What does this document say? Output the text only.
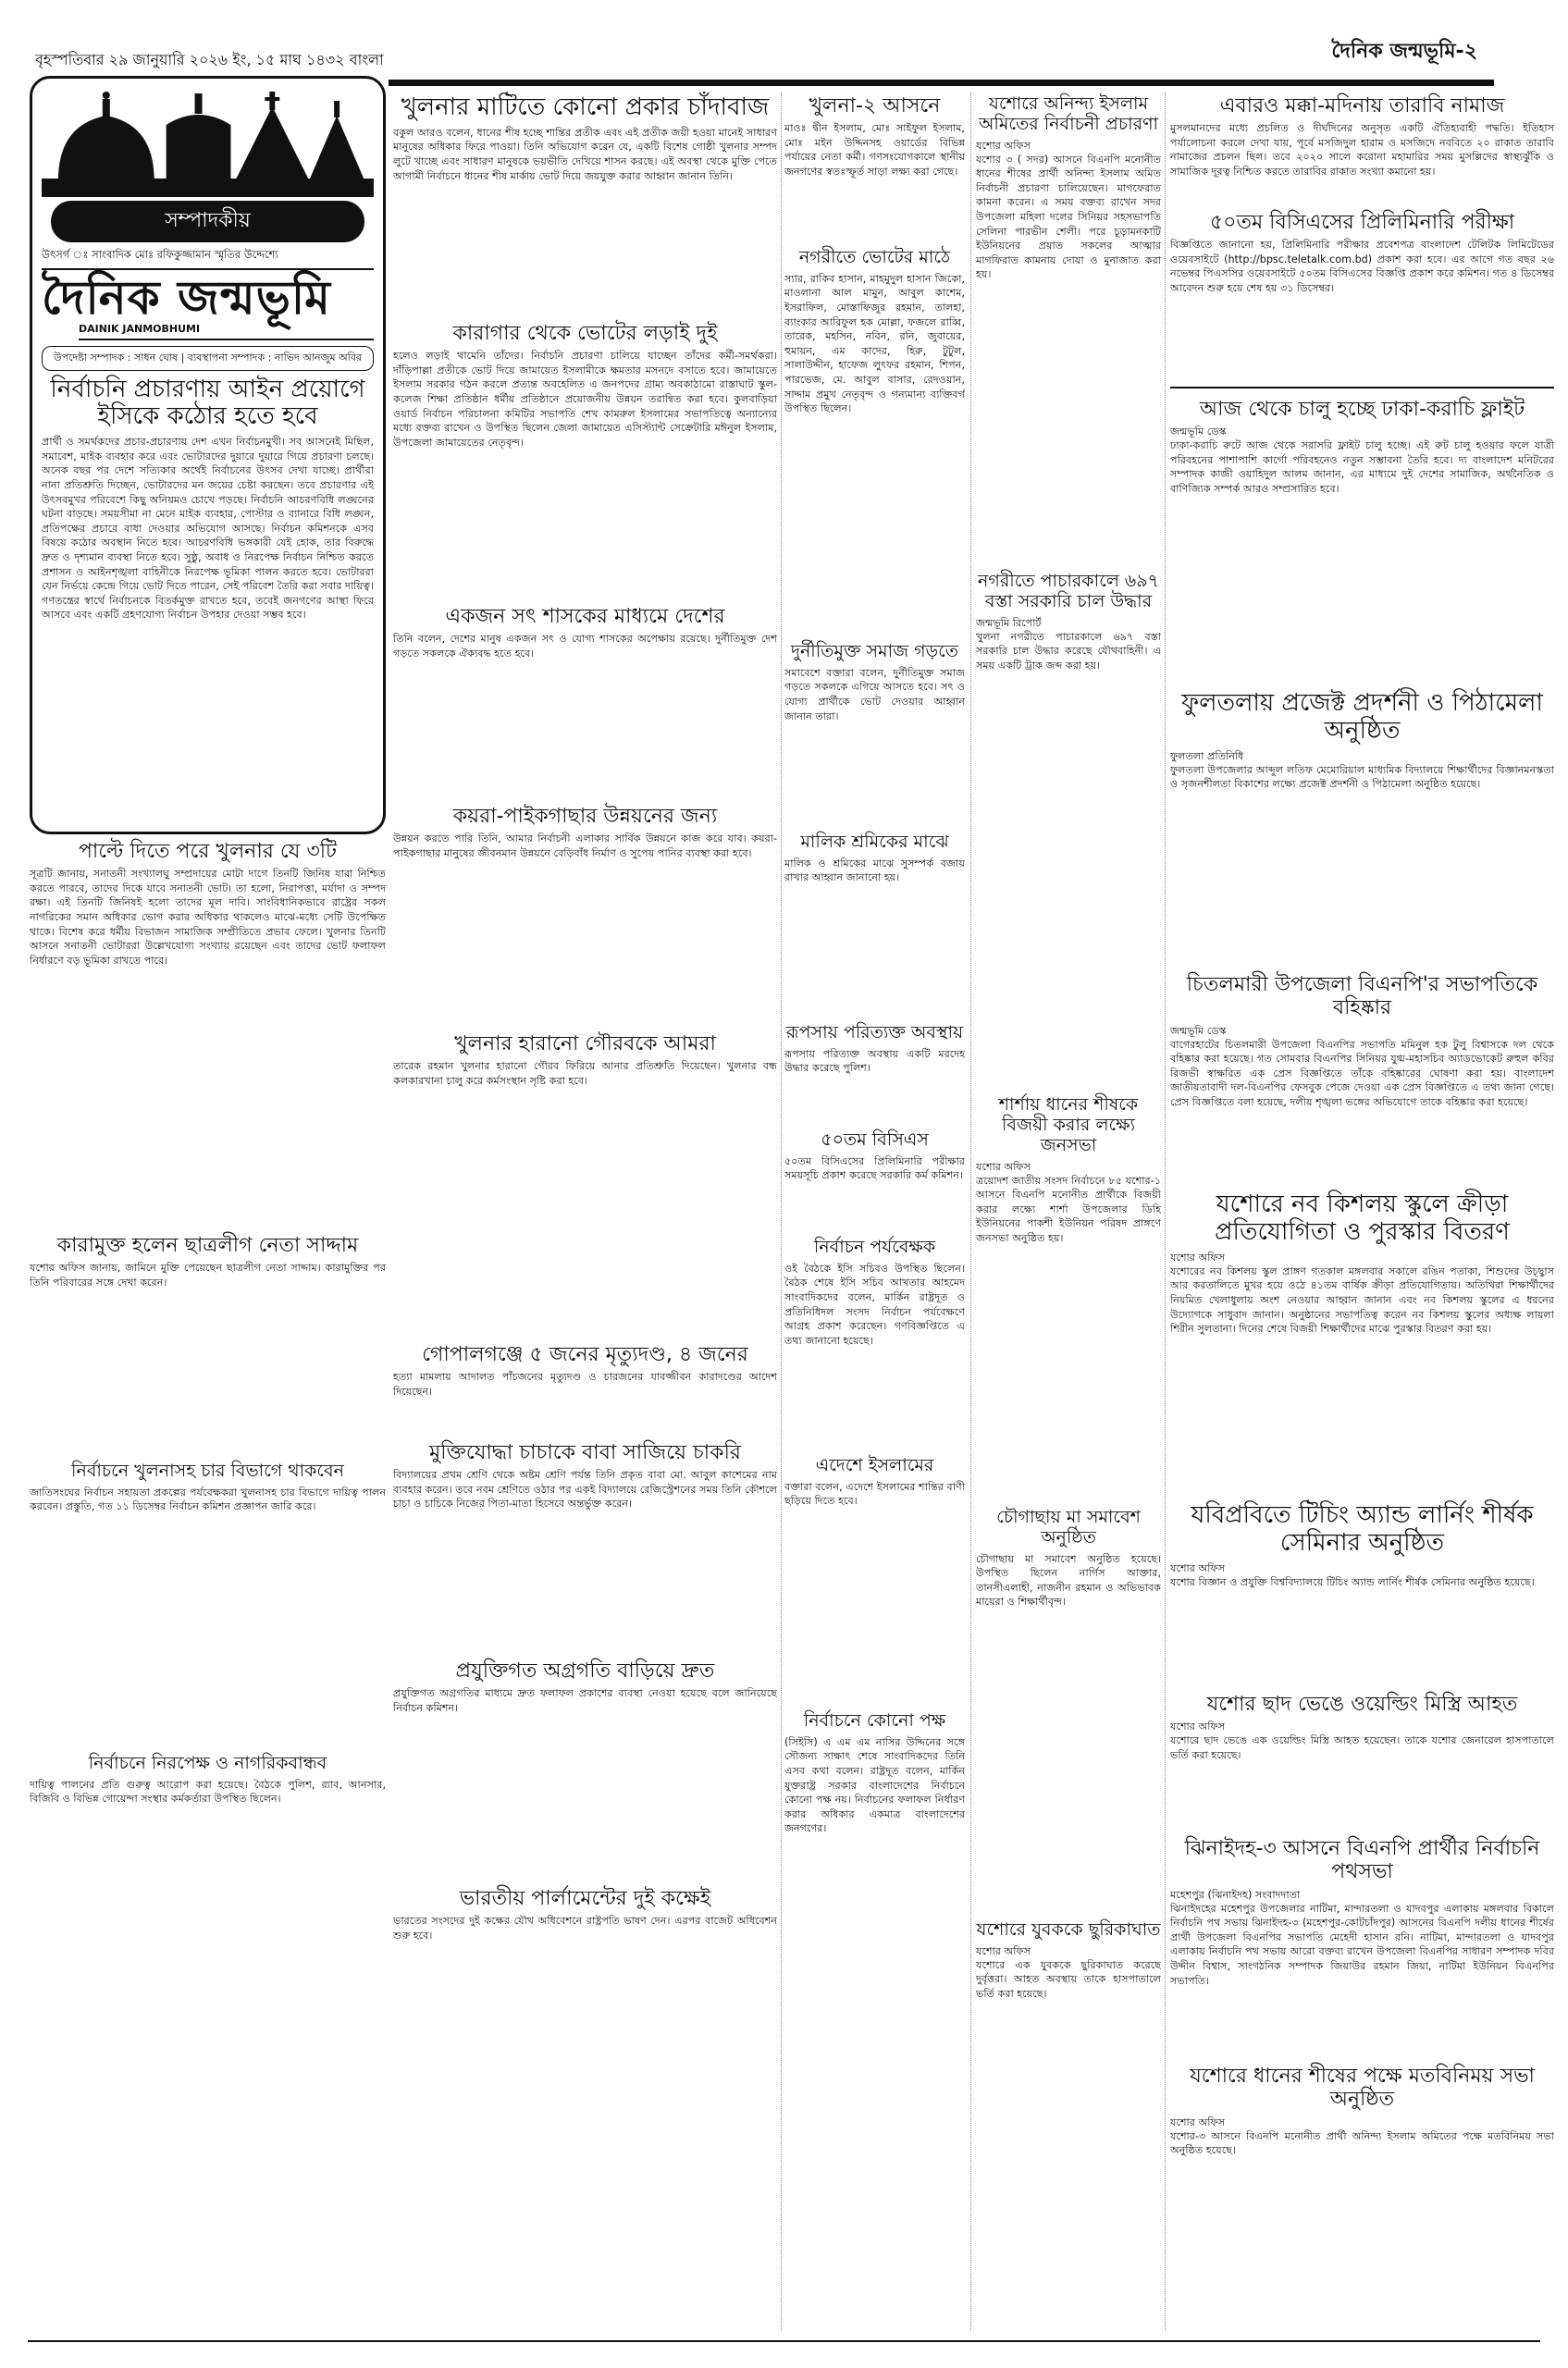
বৃহস্পতিবার ২৯ জানুয়ারি ২০২৬ ইং, ১৫ মাঘ ১৪৩২ বাংলা	দৈনিক জন্মভূমি-২
সম্পাদকীয়
উৎসর্গ ঃ সাংবাদিক মোঃ রফিকুজ্জামান স্মৃতির উদ্দেশ্যে
দৈনিক জন্মভূমি
DAINIK JANMOBHUMI
উপদেষ্টা সম্পাদক : সাধন ঘোষ | ব্যবস্থাপনা সম্পাদক : নাভিদ আনজুম অবির
নির্বাচনি প্রচারণায় আইন প্রয়োগে ইসিকে কঠোর হতে হবে

প্রার্থী ও সমর্থকদের প্রচার-প্রচারণায় দেশ এখন নির্বাচনমুখী। সব আসনেই মিছিল, সমাবেশ, মাইক ব্যবহার করে এবং ভোটারদের দুয়ারে দুয়ারে গিয়ে প্রচারণা চলছে। অনেক বছর পর দেশে সত্যিকার অর্থেই নির্বাচনের উৎসব দেখা যাচ্ছে। প্রার্থীরা নানা প্রতিশ্রুতি দিচ্ছেন, ভোটারদের মন জয়ের চেষ্টা করছেন। তবে প্রচারণার এই উৎসবমুখর পরিবেশে কিছু অনিয়মও চোখে পড়ছে। নির্বাচনি আচরণবিধি লঙ্ঘনের ঘটনা বাড়ছে। সময়সীমা না মেনে মাইক ব্যবহার, পোস্টার ও ব্যানারে বিধি লঙ্ঘন, প্রতিপক্ষের প্রচারে বাধা দেওয়ার অভিযোগ আসছে। নির্বাচন কমিশনকে এসব বিষয়ে কঠোর অবস্থান নিতে হবে। আচরণবিধি ভঙ্গকারী যেই হোক, তার বিরুদ্ধে দ্রুত ও দৃশ্যমান ব্যবস্থা নিতে হবে। সুষ্ঠু, অবাধ ও নিরপেক্ষ নির্বাচন নিশ্চিত করতে প্রশাসন ও আইনশৃঙ্খলা বাহিনীকে নিরপেক্ষ ভূমিকা পালন করতে হবে। ভোটাররা যেন নির্ভয়ে কেন্দ্রে গিয়ে ভোট দিতে পারেন, সেই পরিবেশ তৈরি করা সবার দায়িত্ব। গণতন্ত্রের স্বার্থে নির্বাচনকে বিতর্কমুক্ত রাখতে হবে, তবেই জনগণের আস্থা ফিরে আসবে এবং একটি গ্রহণযোগ্য নির্বাচন উপহার দেওয়া সম্ভব হবে।

পাল্টে দিতে পরে খুলনার যে ৩টি

সূত্রটি জানায়, সনাতনী সংখ্যালঘু সম্প্রদায়ের মোটা দাগে তিনটি জিনিষ যারা নিশ্চিত করতে পারবে, তাদের দিকে যাবে সনাতনী ভোট। তা হলো, নিরাপত্তা, মর্যাদা ও সম্পদ রক্ষা। এই তিনটি জিনিষই হলো তাদের মূল দাবি। সাংবিধানিকভাবে রাষ্ট্রের সকল নাগরিকের সমান অধিকার ভোগ করার অধিকার থাকলেও মাঝে-মধ্যে সেটি উপেক্ষিত থাকে। বিশেষ করে ধর্মীয় বিভাজন সামাজিক সম্প্রীতিতে প্রভাব ফেলে। খুলনার তিনটি আসনে সনাতনী ভোটাররা উল্লেখযোগ্য সংখ্যায় রয়েছেন এবং তাদের ভোট ফলাফল নির্ধারণে বড় ভূমিকা রাখতে পারে।

কারামুক্ত হলেন ছাত্রলীগ নেতা সাদ্দাম

যশোর অফিস জানায়, জামিনে মুক্তি পেয়েছেন ছাত্রলীগ নেতা সাদ্দাম। কারামুক্তির পর তিনি পরিবারের সঙ্গে দেখা করেন।

নির্বাচনে খুলনাসহ চার বিভাগে থাকবেন

জাতিসংঘের নির্বাচন সহায়তা প্রকল্পের পর্যবেক্ষকরা খুলনাসহ চার বিভাগে দায়িত্ব পালন করবেন। প্রস্তুতি, গত ১১ ডিসেম্বর নির্বাচন কমিশন প্রজ্ঞাপন জারি করে।

নির্বাচনে নিরপেক্ষ ও নাগরিকবান্ধব

দায়িত্ব পালনের প্রতি গুরুত্ব আরোপ করা হয়েছে। বৈঠকে পুলিশ, র‍্যাব, আনসার, বিজিবি ও বিভিন্ন গোয়েন্দা সংস্থার কর্মকর্তারা উপস্থিত ছিলেন।

খুলনার মাটিতে কোনো প্রকার চাঁদাবাজ

বকুল আরও বলেন, ধানের শীষ হচ্ছে শান্তির প্রতীক এবং এই প্রতীক জয়ী হওয়া মানেই সাধারণ মানুষের অধিকার ফিরে পাওয়া। তিনি অভিযোগ করেন যে, একটি বিশেষ গোষ্ঠী খুলনার সম্পদ লুটে খাচ্ছে এবং সাধারণ মানুষকে ভয়ভীতি দেখিয়ে শাসন করছে। এই অবস্থা থেকে মুক্তি পেতে আগামী নির্বাচনে ধানের শীষ মার্কায় ভোট দিয়ে জয়যুক্ত করার আহ্বান জানান তিনি।

কারাগার থেকে ভোটের লড়াই দুই

হলেও লড়াই থামেনি তাঁদের। নির্বাচনি প্রচারণা চালিয়ে যাচ্ছেন তাঁদের কর্মী-সমর্থকরা। দাঁড়িপাল্লা প্রতীকে ভোট দিয়ে জামায়েত ইসলামীকে ক্ষমতার মসনদে বসাতে হবে। জামায়েতে ইসলাম সরকার গঠন করলে প্রত্যন্ত অবহেলিত এ জনপদের গ্রাম্য অবকাঠামো রাস্তাঘাট স্কুল-কলেজ শিক্ষা প্রতিষ্ঠান ধর্মীয় প্রতিষ্ঠানে প্রয়োজনীয় উন্নয়ন তরান্বিত করা হবে। কুলবাড়িয়া ওয়ার্ড নির্বাচন পরিচালনা কমিটির সভাপতি শেখ কামরুল ইসলামের সভাপতিত্বে অন্যান্যের মধ্যে বক্তব্য রাখেন ও উপস্থিত ছিলেন জেলা জামায়েত এসিস্ট্যান্ট সেক্রেটারি মঈনুল ইসলাম, উপজেলা জামায়েতের নেতৃবৃন্দ।

একজন সৎ শাসকের মাধ্যমে দেশের

তিনি বলেন, দেশের মানুষ একজন সৎ ও যোগ্য শাসকের অপেক্ষায় রয়েছে। দুর্নীতিমুক্ত দেশ গড়তে সকলকে ঐক্যবদ্ধ হতে হবে।

কয়রা-পাইকগাছার উন্নয়নের জন্য

উন্নয়ন করতে পারি তিনি, আমার নির্বাচনী এলাকার সার্বিক উন্নয়নে কাজ করে যাব। কয়রা-পাইকগাছার মানুষের জীবনমান উন্নয়নে বেড়িবাঁধ নির্মাণ ও সুপেয় পানির ব্যবস্থা করা হবে।

খুলনার হারানো গৌরবকে আমরা

তারেক রহমান খুলনার হারানো গৌরব ফিরিয়ে আনার প্রতিশ্রুতি দিয়েছেন। খুলনার বন্ধ কলকারখানা চালু করে কর্মসংস্থান সৃষ্টি করা হবে।

গোপালগঞ্জে ৫ জনের মৃত্যুদণ্ড, ৪ জনের

হত্যা মামলায় আদালত পাঁচজনের মৃত্যুদণ্ড ও চারজনের যাবজ্জীবন কারাদণ্ডের আদেশ দিয়েছেন।

মুক্তিযোদ্ধা চাচাকে বাবা সাজিয়ে চাকরি

বিদ্যালয়ের প্রথম শ্রেণি থেকে অষ্টম শ্রেণি পর্যন্ত তিনি প্রকৃত বাবা মো. আবুল কাশেমের নাম ব্যবহার করেন। তবে নবম শ্রেণিতে ওঠার পর একই বিদ্যালয়ে রেজিস্ট্রেশনের সময় তিনি কৌশলে চাচা ও চাচিকে নিজের পিতা-মাতা হিসেবে অন্তর্ভুক্ত করেন।

প্রযুক্তিগত অগ্রগতি বাড়িয়ে দ্রুত

প্রযুক্তিগত অগ্রগতির মাধ্যমে দ্রুত ফলাফল প্রকাশের ব্যবস্থা নেওয়া হয়েছে বলে জানিয়েছে নির্বাচন কমিশন।

ভারতীয় পার্লামেন্টের দুই কক্ষেই

ভারতের সংসদের দুই কক্ষের যৌথ অধিবেশনে রাষ্ট্রপতি ভাষণ দেন। এরপর বাজেট অধিবেশন শুরু হবে।

খুলনা-২ আসনে

মাওঃ দ্বীন ইসলাম, মোঃ সাইফুল ইসলাম, মোঃ মইন উদ্দিনসহ ওয়ার্ডের বিভিন্ন পর্যায়ের নেতা কর্মী। গণসংযোগকালে স্থানীয় জনগণের স্বতঃস্ফূর্ত সাড়া লক্ষ্য করা গেছে।

নগরীতে ভোটের মাঠে

স্যার, রাকিব হাসান, মাহমুদুল হাসান জিকো, মাওলানা আল মামুন, আবুল কাশেম, ইসরাফিল, মোস্তাফিজুর রহমান, তালহা, ব্যাংকার আরিফুল হক মোল্লা, ফজলে রাব্বি, তারেক, মহসিন, নবিন, রনি, জুবায়ের, হুমায়ন, এম কাদের, হিরু, টুটুল, সালাউদ্দীন, হাফেজ লুৎফর রহমান, শিপন, পারভেজ, মে. আবুল বাসার, রেদওয়ান, সাদ্দাম প্রমুখ নেতৃবৃন্দ ও গন্যমান্য ব্যক্তিবর্গ উপস্থিত ছিলেন।

দুর্নীতিমুক্ত সমাজ গড়তে

সমাবেশে বক্তারা বলেন, দুর্নীতিমুক্ত সমাজ গড়তে সকলকে এগিয়ে আসতে হবে। সৎ ও যোগ্য প্রার্থীকে ভোট দেওয়ার আহ্বান জানান তারা।

মালিক শ্রমিকের মাঝে

মালিক ও শ্রমিকের মাঝে সুসম্পর্ক বজায় রাখার আহ্বান জানানো হয়।

রূপসায় পরিত্যক্ত অবস্থায়

রূপসায় পরিত্যক্ত অবস্থায় একটি মরদেহ উদ্ধার করেছে পুলিশ।

৫০তম বিসিএস

৫০তম বিসিএসের প্রিলিমিনারি পরীক্ষার সময়সূচি প্রকাশ করেছে সরকারি কর্ম কমিশন।

নির্বাচন পর্যবেক্ষক

ওই বৈঠকে ইসি সচিবও উপস্থিত ছিলেন। বৈঠক শেষে ইসি সচিব আখতার আহমেদ সাংবাদিকদের বলেন, মার্কিন রাষ্ট্রদূত ও প্রতিনিধিদল সংসদ নির্বাচন পর্যবেক্ষণে আগ্রহ প্রকাশ করেছেন। গণবিজ্ঞপ্তিতে এ তথ্য জানানো হয়েছে।

এদেশে ইসলামের

বক্তারা বলেন, এদেশে ইসলামের শান্তির বাণী ছড়িয়ে দিতে হবে।

নির্বাচনে কোনো পক্ষ

(সিইসি) এ এম এম নাসির উদ্দিনের সঙ্গে সৌজন্য সাক্ষাৎ শেষে সাংবাদিকদের তিনি এসব কথা বলেন। রাষ্ট্রদূত বলেন, মার্কিন যুক্তরাষ্ট্র সরকার বাংলাদেশের নির্বাচনে কোনো পক্ষ নয়। নির্বাচনের ফলাফল নির্ধারণ করার অধিকার একমাত্র বাংলাদেশের জনগণের।

যশোরে অনিন্দ্য ইসলাম অমিতের নির্বাচনী প্রচারণা
যশোর অফিস

যশোর ৩ ( সদর) আসনে বিএনপি মনোনীত ধানের শীষের প্রার্থী অনিন্দ্য ইসলাম অমিত নির্বাচনী প্রচারণা চালিয়েছেন। মাগফেরাত কামনা করেন। এ সময় বক্তব্য রাখেন সদর উপজেলা মহিলা দলের সিনিয়র সহসভাপতি সেলিনা পারভীন শেলী। পরে চূড়ামনকাটি ইউনিয়নের প্রয়াত সকলের আত্মার মাগফিরাত কামনায় দোয়া ও মুনাজাত করা হয়।

নগরীতে পাচারকালে ৬৯৭ বস্তা সরকারি চাল উদ্ধার
জন্মভূমি রিপোর্ট

খুলনা নগরীতে পাচারকালে ৬৯৭ বস্তা সরকারি চাল উদ্ধার করেছে যৌথবাহিনী। এ সময় একটি ট্রাক জব্দ করা হয়।

শার্শায় ধানের শীষকে বিজয়ী করার লক্ষ্যে জনসভা
যশোর অফিস

ত্রয়োদশ জাতীয় সংসদ নির্বাচনে ৮৫ যশোর-১ আসনে বিএনপি মনোনীত প্রার্থীকে বিজয়ী করার লক্ষ্যে শার্শা উপজেলার ডিহি ইউনিয়নের পাকশী ইউনিয়ন পরিষদ প্রাঙ্গণে জনসভা অনুষ্ঠিত হয়।

চৌগাছায় মা সমাবেশ অনুষ্ঠিত

চৌগাছায় মা সমাবেশ অনুষ্ঠিত হয়েছে। উপস্থিত ছিলেন নার্গিস আক্তার, তানসীএলাহী, নাজনীন রহমান ও অভিভাবক মায়েরা ও শিক্ষার্থীবৃন্দ।

যশোরে যুবককে ছুরিকাঘাত
যশোর অফিস

যশোরে এক যুবককে ছুরিকাঘাত করেছে দুর্বৃত্তরা। আহত অবস্থায় তাকে হাসপাতালে ভর্তি করা হয়েছে।

এবারও মক্কা-মদিনায় তারাবি নামাজ

মুসলমানদের মধ্যে প্রচলিত ও দীর্ঘদিনের অনুসৃত একটি ঐতিহ্যবাহী পদ্ধতি। ইতিহাস পর্যালোচনা করলে দেখা যায়, পূর্বে মসজিদুল হারাম ও মসজিদে নববিতে ২০ রাকাত তারাবি নামাজের প্রচলন ছিল। তবে ২০২০ সালে করোনা মহামারির সময় মুসল্লিদের স্বাস্থ্যঝুঁকি ও সামাজিক দূরত্ব নিশ্চিত করতে তারাবির রাকাত সংখ্যা কমানো হয়।

৫০তম বিসিএসের প্রিলিমিনারি পরীক্ষা

বিজ্ঞপ্তিতে জানানো হয়, প্রিলিমিনারি পরীক্ষার প্রবেশপত্র বাংলাদেশ টেলিটক লিমিটেডের ওয়েবসাইটে (http://bpsc.teletalk.com.bd) প্রকাশ করা হবে। এর আগে গত বছর ২৬ নভেম্বর পিএসসির ওয়েবসাইটে ৫০তম বিসিএসের বিজ্ঞপ্তি প্রকাশ করে কমিশন। গত ৪ ডিসেম্বর আবেদন শুরু হয়ে শেষ হয় ৩১ ডিসেম্বর।

আজ থেকে চালু হচ্ছে ঢাকা-করাচি ফ্লাইট
জন্মভূমি ডেস্ক

ঢাকা-করাচি রুটে আজ থেকে সরাসরি ফ্লাইট চালু হচ্ছে। এই রুট চালু হওয়ার ফলে যাত্রী পরিবহনের পাশাপাশি কার্গো পরিবহনেও নতুন সম্ভাবনা তৈরি হবে। দ্য বাংলাদেশ মনিটরের সম্পাদক কাজী ওয়াহিদুল আলম জানান, এর মাধ্যমে দুই দেশের সামাজিক, অর্থনৈতিক ও বাণিজ্যিক সম্পর্ক আরও সম্প্রসারিত হবে।

ফুলতলায় প্রজেক্ট প্রদর্শনী ও পিঠামেলা অনুষ্ঠিত
ফুলতলা প্রতিনিধি

ফুলতলা উপজেলার আব্দুল লতিফ মেমোরিয়াল মাধ্যমিক বিদ্যালয়ে শিক্ষার্থীদের বিজ্ঞানমনস্কতা ও সৃজনশীলতা বিকাশের লক্ষ্যে প্রজেক্ট প্রদর্শনী ও পিঠামেলা অনুষ্ঠিত হয়েছে।

চিতলমারী উপজেলা বিএনপি'র সভাপতিকে বহিষ্কার
জন্মভূমি ডেস্ক

বাগেরহাটের চিতলমারী উপজেলা বিএনপির সভাপতি মমিনুল হক টুলু বিশ্বাসকে দল থেকে বহিষ্কার করা হয়েছে। গত সোমবার বিএনপির সিনিয়র যুগ্ম-মহাসচিব অ্যাডভোকেট রুহুল কবির রিজভী স্বাক্ষরিত এক প্রেস বিজ্ঞপ্তিতে তাঁকে বহিষ্কারের ঘোষণা করা হয়। বাংলাদেশ জাতীয়তাবাদী দল-বিএনপির ফেসবুক পেজে দেওয়া এক প্রেস বিজ্ঞপ্তিতে এ তথ্য জানা গেছে। প্রেস বিজ্ঞপ্তিতে বলা হয়েছে, দলীয় শৃঙ্খলা ভঙ্গের অভিযোগে তাকে বহিষ্কার করা হয়েছে।

যশোরে নব কিশলয় স্কুলে ক্রীড়া প্রতিযোগিতা ও পুরস্কার বিতরণ
যশোর অফিস

যশোরের নব কিশলয় স্কুল প্রাঙ্গণ গতকাল মঙ্গলবার সকালে রঙিন পতাকা, শিশুদের উচ্ছ্বাস আর করতালিতে মুখর হয়ে ওঠে ৪১তম বার্ষিক ক্রীড়া প্রতিযোগিতায়। অতিথিরা শিক্ষার্থীদের নিয়মিত খেলাধুলায় অংশ নেওয়ার আহ্বান জানান এবং নব কিশলয় স্কুলের এ ধরনের উদ্যোগকে সাধুবাদ জানান। অনুষ্ঠানের সভাপতিত্ব করেন নব কিশলয় স্কুলের অধ্যক্ষ লায়লা শিরীন সুলতানা। দিনের শেষে বিজয়ী শিক্ষার্থীদের মাঝে পুরস্কার বিতরণ করা হয়।

যবিপ্রবিতে টিচিং অ্যান্ড লার্নিং শীর্ষক সেমিনার অনুষ্ঠিত
যশোর অফিস

যশোর বিজ্ঞান ও প্রযুক্তি বিশ্ববিদ্যালয়ে টিচিং অ্যান্ড লার্নিং শীর্ষক সেমিনার অনুষ্ঠিত হয়েছে।

যশোর ছাদ ভেঙে ওয়েল্ডিং মিস্ত্রি আহত
যশোর অফিস

যশোরে ছাদ ভেঙে এক ওয়েল্ডিং মিস্ত্রি আহত হয়েছেন। তাকে যশোর জেনারেল হাসপাতালে ভর্তি করা হয়েছে।

ঝিনাইদহ-৩ আসনে বিএনপি প্রার্থীর নির্বাচনি পথসভা
মহেশপুর (ঝিনাইদহ) সংবাদদাতা

ঝিনাইদহের মহেশপুর উপজেলার নাটিমা, মান্দারতলা ও যাদবপুর এলাকায় মঙ্গলবার বিকালে নির্বাচনি পথ সভায় ঝিনাইদহ-৩ (মহেশপুর-কোটচাঁদপুর) আসনের বিএনপি দলীয় ধানের শীর্ষের প্রার্থী উপজেলা বিএনপির সভাপতি মেহেদী হাসান রনি। নাটিমা, মান্দারতলা ও যাদবপুর এলাকায় নির্বাচনি পথ সভায় আরো বক্তব্য রাখেন উপজেলা বিএনপির সাধারণ সম্পাদক দবির উদ্দীন বিশ্বাস, সাংগঠনিক সম্পাদক জিয়াউর রহমান জিয়া, নাটিমা ইউনিয়ন বিএনপির সভাপতি।

যশোরে ধানের শীষের পক্ষে মতবিনিময় সভা অনুষ্ঠিত
যশোর অফিস

যশোর-৩ আসনে বিএনপি মনোনীত প্রার্থী অনিন্দ্য ইসলাম অমিতের পক্ষে মতবিনিময় সভা অনুষ্ঠিত হয়েছে।
